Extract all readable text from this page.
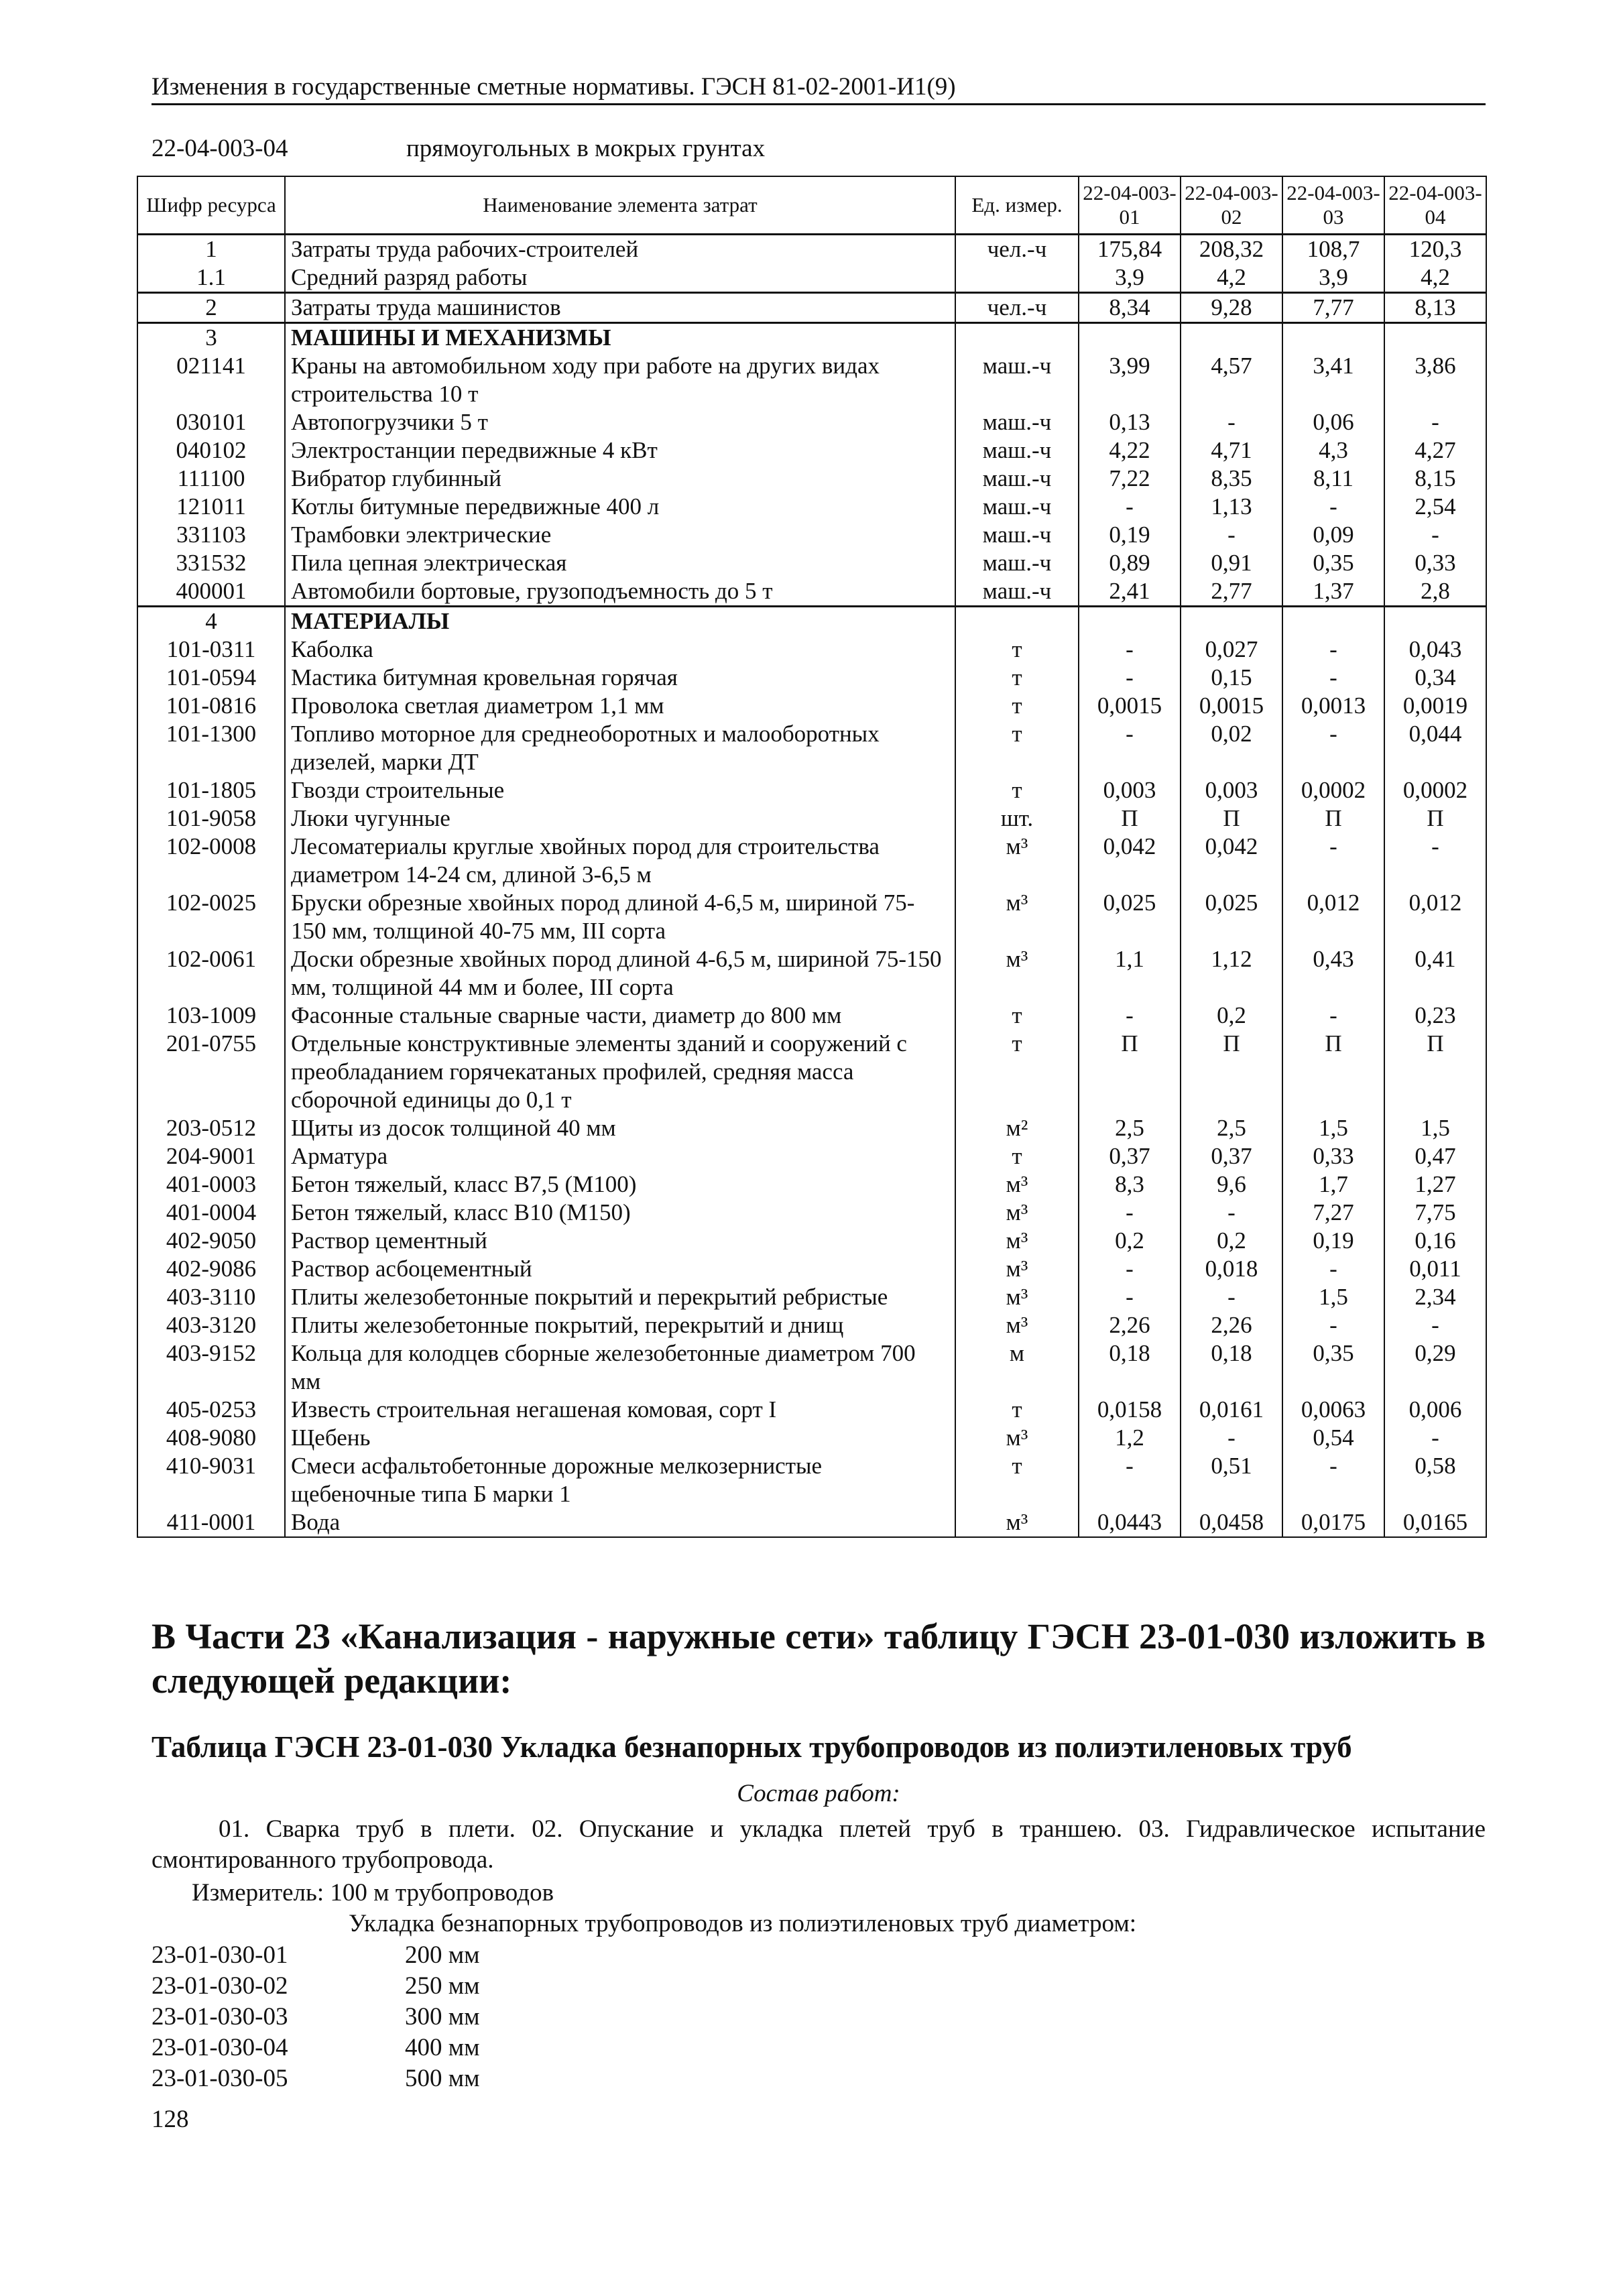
Изменения в государственные сметные нормативы. ГЭСН 81-02-2001-И1(9)
22-04-003-04	прямоугольных в мокрых грунтах
Шифр ресурса	Наименование элемента затрат	Ед. измер.	22-04-003-01	22-04-003-02	22-04-003-03	22-04-003-04
1	Затраты труда рабочих-строителей	чел.-ч	175,84	208,32	108,7	120,3
1.1	Средний разряд работы		3,9	4,2	3,9	4,2
2	Затраты труда машинистов	чел.-ч	8,34	9,28	7,77	8,13
3	МАШИНЫ И МЕХАНИЗМЫ					
021141	Краны на автомобильном ходу при работе на других видах строительства 10 т	маш.-ч	3,99	4,57	3,41	3,86
030101	Автопогрузчики 5 т	маш.-ч	0,13	-	0,06	-
040102	Электростанции передвижные 4 кВт	маш.-ч	4,22	4,71	4,3	4,27
111100	Вибратор глубинный	маш.-ч	7,22	8,35	8,11	8,15
121011	Котлы битумные передвижные 400 л	маш.-ч	-	1,13	-	2,54
331103	Трамбовки электрические	маш.-ч	0,19	-	0,09	-
331532	Пила цепная электрическая	маш.-ч	0,89	0,91	0,35	0,33
400001	Автомобили бортовые, грузоподъемность до 5 т	маш.-ч	2,41	2,77	1,37	2,8
4	МАТЕРИАЛЫ					
101-0311	Каболка	т	-	0,027	-	0,043
101-0594	Мастика битумная кровельная горячая	т	-	0,15	-	0,34
101-0816	Проволока светлая диаметром 1,1 мм	т	0,0015	0,0015	0,0013	0,0019
101-1300	Топливо моторное для среднеоборотных и малооборотных дизелей, марки ДТ	т	-	0,02	-	0,044
101-1805	Гвозди строительные	т	0,003	0,003	0,0002	0,0002
101-9058	Люки чугунные	шт.	П	П	П	П
102-0008	Лесоматериалы круглые хвойных пород для строительства диаметром 14-24 см, длиной 3-6,5 м	м³	0,042	0,042	-	-
102-0025	Бруски обрезные хвойных пород длиной 4-6,5 м, шириной 75-150 мм, толщиной 40-75 мм, III сорта	м³	0,025	0,025	0,012	0,012
102-0061	Доски обрезные хвойных пород длиной 4-6,5 м, шириной 75-150 мм, толщиной 44 мм и более, III сорта	м³	1,1	1,12	0,43	0,41
103-1009	Фасонные стальные сварные части, диаметр до 800 мм	т	-	0,2	-	0,23
201-0755	Отдельные конструктивные элементы зданий и сооружений с преобладанием горячекатаных профилей, средняя масса сборочной единицы до 0,1 т	т	П	П	П	П
203-0512	Щиты из досок толщиной 40 мм	м²	2,5	2,5	1,5	1,5
204-9001	Арматура	т	0,37	0,37	0,33	0,47
401-0003	Бетон тяжелый, класс В7,5 (М100)	м³	8,3	9,6	1,7	1,27
401-0004	Бетон тяжелый, класс В10 (М150)	м³	-	-	7,27	7,75
402-9050	Раствор цементный	м³	0,2	0,2	0,19	0,16
402-9086	Раствор асбоцементный	м³	-	0,018	-	0,011
403-3110	Плиты железобетонные покрытий и перекрытий ребристые	м³	-	-	1,5	2,34
403-3120	Плиты железобетонные покрытий, перекрытий и днищ	м³	2,26	2,26	-	-
403-9152	Кольца для колодцев сборные железобетонные диаметром 700 мм	м	0,18	0,18	0,35	0,29
405-0253	Известь строительная негашеная комовая, сорт I	т	0,0158	0,0161	0,0063	0,006
408-9080	Щебень	м³	1,2	-	0,54	-
410-9031	Смеси асфальтобетонные дорожные мелкозернистые щебеночные типа Б марки 1	т	-	0,51	-	0,58
411-0001	Вода	м³	0,0443	0,0458	0,0175	0,0165
В Части 23 «Канализация - наружные сети» таблицу ГЭСН 23-01-030 изложить в следующей редакции:
Таблица ГЭСН 23-01-030 Укладка безнапорных трубопроводов из полиэтиленовых труб
Состав работ:
01. Сварка труб в плети. 02. Опускание и укладка плетей труб в траншею. 03. Гидравлическое испытание смонтированного трубопровода.
Измеритель: 100 м трубопроводов
Укладка безнапорных трубопроводов из полиэтиленовых труб диаметром:
23-01-030-01	200 мм
23-01-030-02	250 мм
23-01-030-03	300 мм
23-01-030-04	400 мм
23-01-030-05	500 мм
128
